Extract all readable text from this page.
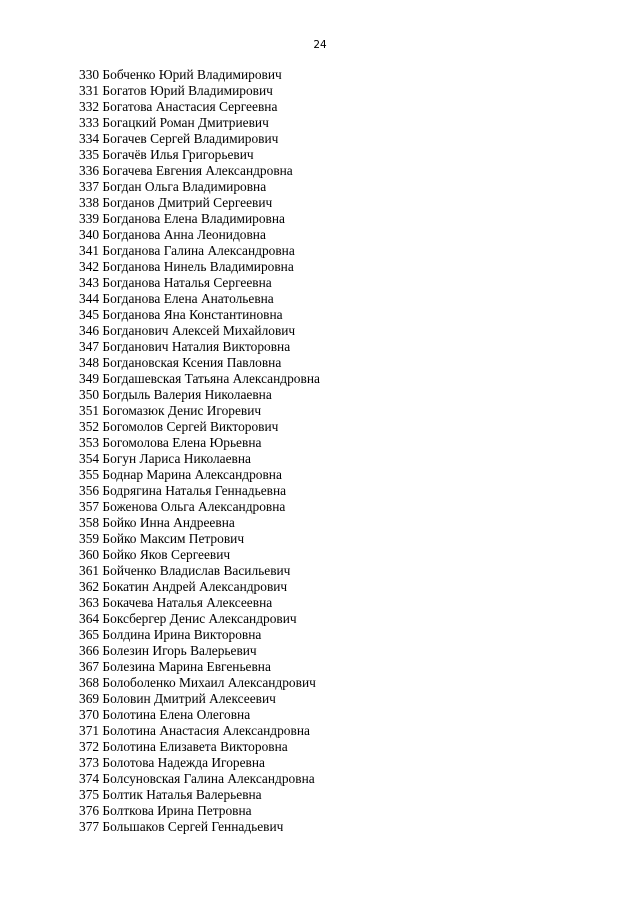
24
330 Бобченко Юрий Владимирович
331 Богатов Юрий Владимирович
332 Богатова Анастасия Сергеевна
333 Богацкий Роман Дмитриевич
334 Богачев Сергей Владимирович
335 Богачёв Илья Григорьевич
336 Богачева Евгения Александровна
337 Богдан Ольга Владимировна
338 Богданов Дмитрий Сергеевич
339 Богданова Елена Владимировна
340 Богданова Анна Леонидовна
341 Богданова Галина Александровна
342 Богданова Нинель Владимировна
343 Богданова Наталья Сергеевна
344 Богданова Елена Анатольевна
345 Богданова Яна Константиновна
346 Богданович Алексей Михайлович
347 Богданович Наталия Викторовна
348 Богдановская Ксения Павловна
349 Богдашевская Татьяна Александровна
350 Богдыль Валерия Николаевна
351 Богомазюк Денис Игоревич
352 Богомолов Сергей Викторович
353 Богомолова Елена Юрьевна
354 Богун Лариса Николаевна
355 Боднар Марина Александровна
356 Бодрягина Наталья Геннадьевна
357 Боженова Ольга Александровна
358 Бойко Инна Андреевна
359 Бойко Максим Петрович
360 Бойко Яков Сергеевич
361 Бойченко Владислав Васильевич
362 Бокатин Андрей Александрович
363 Бокачева Наталья Алексеевна
364 Боксбергер Денис Александрович
365 Болдина Ирина Викторовна
366 Болезин Игорь Валерьевич
367 Болезина Марина Евгеньевна
368 Болоболенко Михаил Александрович
369 Боловин Дмитрий Алексеевич
370 Болотина Елена Олеговна
371 Болотина Анастасия Александровна
372 Болотина Елизавета Викторовна
373 Болотова Надежда Игоревна
374 Болсуновская Галина Александровна
375 Болтик Наталья Валерьевна
376 Болткова Ирина Петровна
377 Большаков Сергей Геннадьевич
